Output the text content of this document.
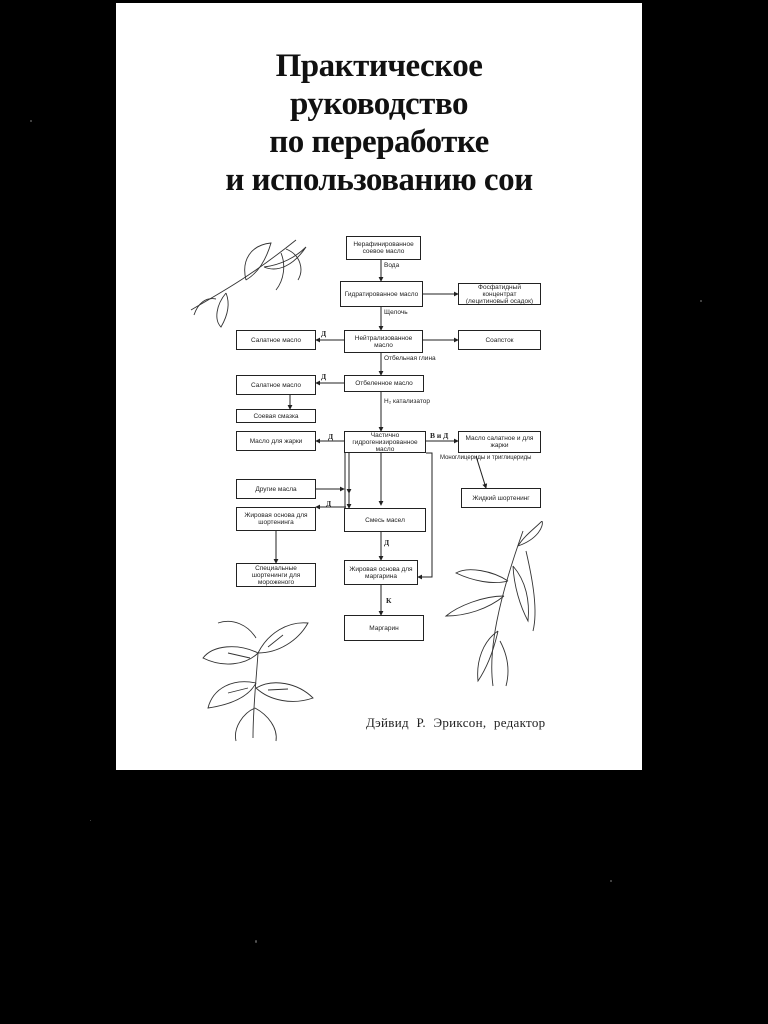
Практическое
руководство
по переработке
и использованию сои
Нерафинированное соевое масло
Гидратированное масло
Фосфатидный концентрат (лецитиновый осадок)
Салатное масло	Нейтрализованное масло
Соапсток
Салатное масло	Отбеленное масло
Соевая смазка
Масло для жарки
Частично гидрогенизированное масло
Масло салатное и для жарки
Другие масла
Жидкий шортенинг
Жировая основа для шортенинга	Смесь масел
Специальные шортенинги для мороженого
Жировая основа для маргарина
Маргарин
Вода
Щелочь
Отбельная глина
Н₂ катализатор
Д
Д
Д
Д
Д
В и Д
Моноглицериды и триглицериды
К
Дэйвид Р. Эриксон, редактор
